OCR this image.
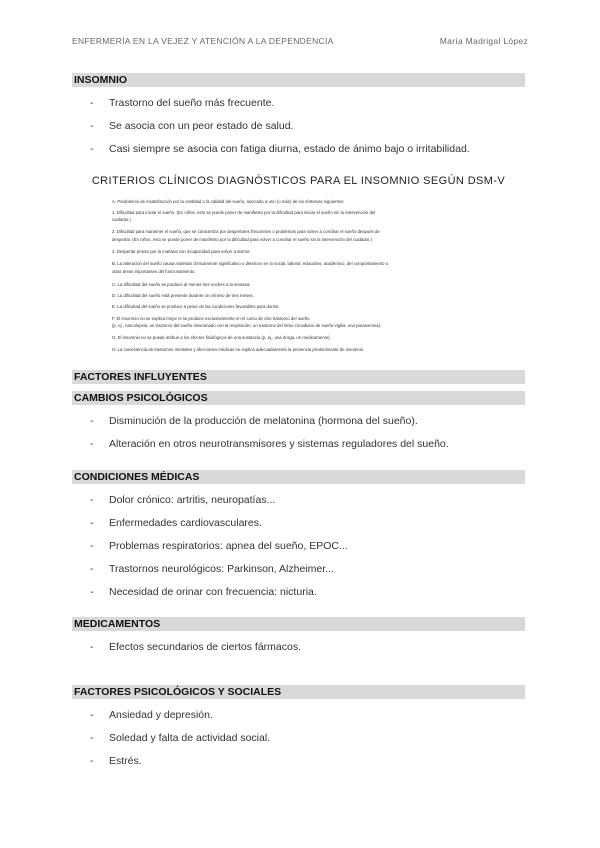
ENFERMERÍA EN LA VEJEZ Y ATENCIÓN A LA DEPENDENCIA	María Madrigal López
INSOMNIO
- Trastorno del sueño más frecuente.
- Se asocia con un peor estado de salud.
- Casi siempre se asocia con fatiga diurna, estado de ánimo bajo o irritabilidad.
CRITERIOS CLÍNICOS DIAGNÓSTICOS PARA EL INSOMNIO SEGÚN DSM-V
A. Predominio de insatisfacción por la cantidad o la calidad del sueño, asociado a uno (o más) de los síntomas siguientes:
1. Dificultad para iniciar el sueño. (En niños, esto se puede poner de manifiesto por la dificultad para iniciar el sueño sin la intervención del
cuidador.)
2. Dificultad para mantener el sueño, que se caracteriza por despertares frecuentes o problemas para volver a conciliar el sueño después de
despertar. (En niños, esto se puede poner de manifiesto por la dificultad para volver a conciliar el sueño sin la intervención del cuidador.)
3. Despertar pronto por la mañana con incapacidad para volver a dormir.
B. La alteración del sueño causa malestar clínicamente significativo o deterioro en lo social, laboral, educativo, académico, del comportamiento u
otras áreas importantes del funcionamiento.
C. La dificultad del sueño se produce al menos tres noches a la semana.
D. La dificultad del sueño está presente durante un mínimo de tres meses.
E. La dificultad del sueño se produce a pesar de las condiciones favorables para dormir.
F. El insomnio no se explica mejor ni se produce exclusivamente en el curso de otro trastorno del sueño
(p. ej., narcolepsia, un trastorno del sueño relacionado con la respiración, un trastorno del ritmo circadiano de sueño-vigilia, una parasomnia).
G. El insomnio no se puede atribuir a los efectos fisiológicos de una sustancia (p. ej., una droga, un medicamento).
H. La coexistencia de trastornos mentales y afecciones médicas no explica adecuadamente la presencia predominante de insomnio.
FACTORES INFLUYENTES
CAMBIOS PSICOLÓGICOS
- Disminución de la producción de melatonina (hormona del sueño).
- Alteración en otros neurotransmisores y sistemas reguladores del sueño.
CONDICIONES MÉDICAS
- Dolor crónico: artritis, neuropatías...
- Enfermedades cardiovasculares.
- Problemas respiratorios: apnea del sueño, EPOC...
- Trastornos neurológicos: Parkinson, Alzheimer...
- Necesidad de orinar con frecuencia: nicturia.
MEDICAMENTOS
- Efectos secundarios de ciertos fármacos.
FACTORES PSICOLÓGICOS Y SOCIALES
- Ansiedad y depresión.
- Soledad y falta de actividad social.
- Estrés.
